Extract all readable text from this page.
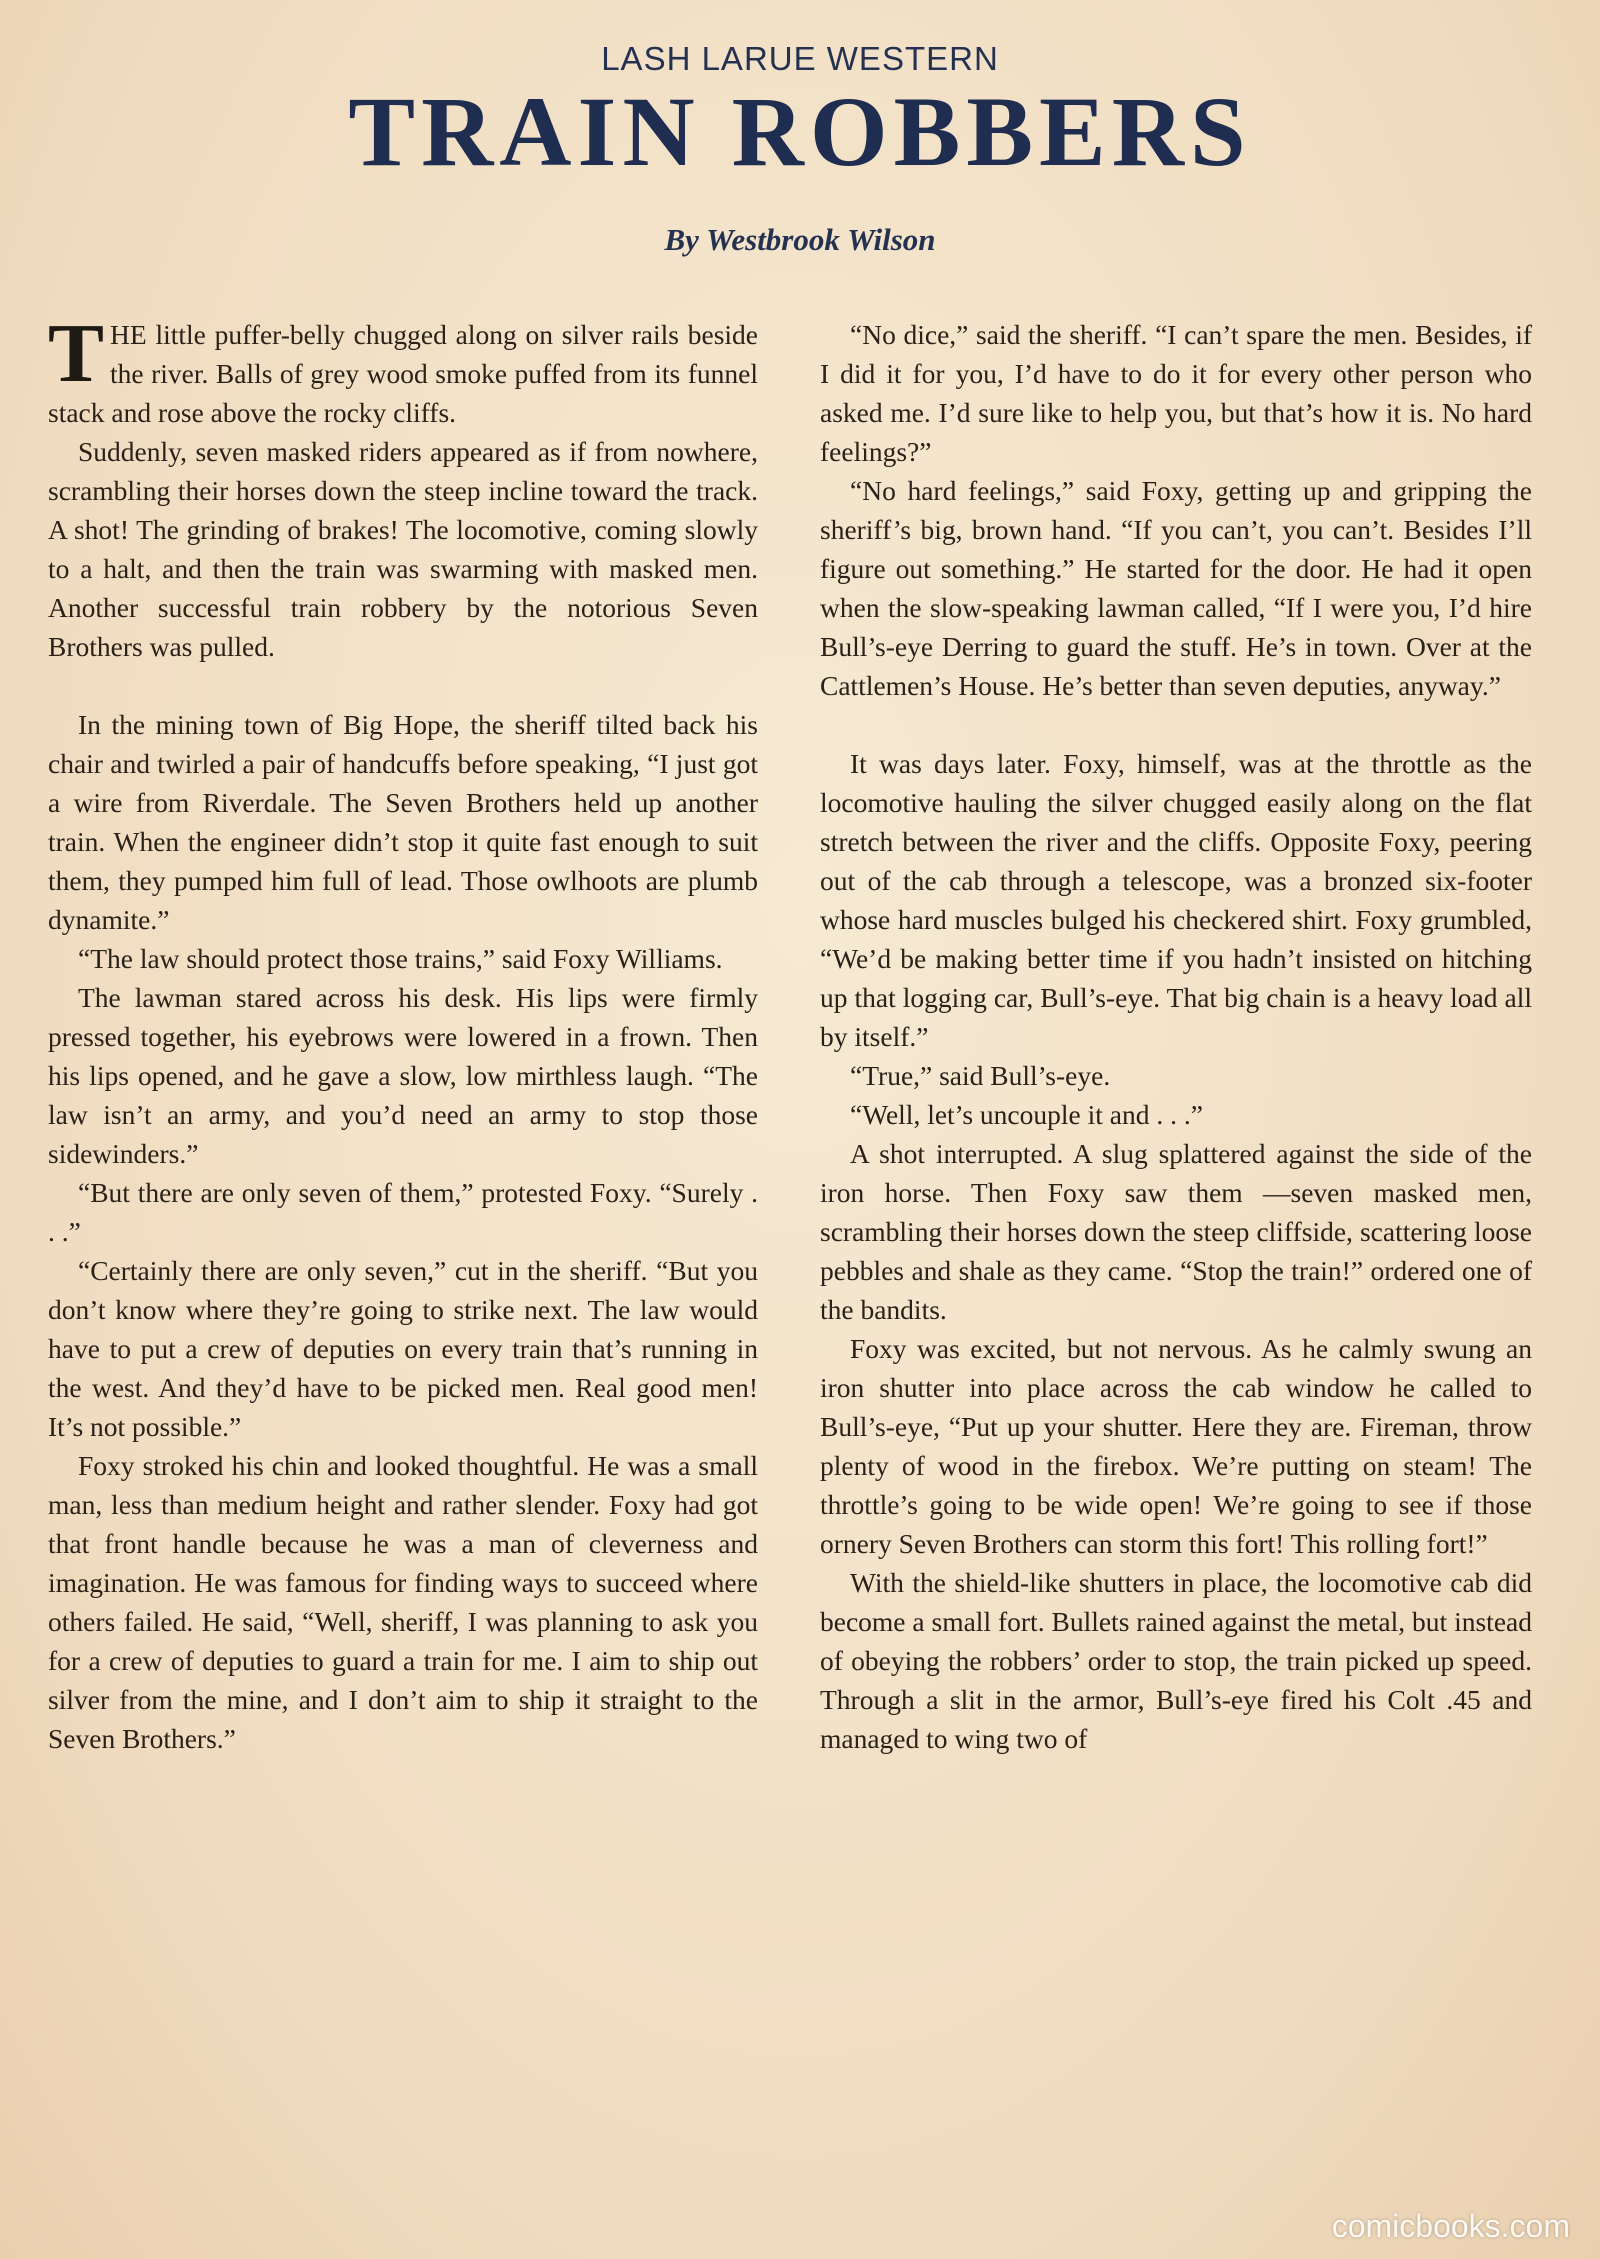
LASH LARUE WESTERN
TRAIN ROBBERS
By Westbrook Wilson

THE little puffer-belly chugged along on silver rails beside the river. Balls of grey wood smoke puffed from its funnel stack and rose above the rocky cliffs.

Suddenly, seven masked riders appeared as if from nowhere, scrambling their horses down the steep incline toward the track. A shot! The grinding of brakes! The locomotive, coming slowly to a halt, and then the train was swarming with masked men. Another successful train robbery by the notorious Seven Brothers was pulled.

In the mining town of Big Hope, the sheriff tilted back his chair and twirled a pair of handcuffs before speaking, “I just got a wire from Riverdale. The Seven Brothers held up another train. When the engineer didn’t stop it quite fast enough to suit them, they pumped him full of lead. Those owlhoots are plumb dynamite.”

“The law should protect those trains,” said Foxy Williams.

The lawman stared across his desk. His lips were firmly pressed together, his eyebrows were lowered in a frown. Then his lips opened, and he gave a slow, low mirthless laugh. “The law isn’t an army, and you’d need an army to stop those sidewinders.”

“But there are only seven of them,” protested Foxy. “Surely . . .”

“Certainly there are only seven,” cut in the sheriff. “But you don’t know where they’re going to strike next. The law would have to put a crew of deputies on every train that’s running in the west. And they’d have to be picked men. Real good men! It’s not possible.”

Foxy stroked his chin and looked thoughtful. He was a small man, less than medium height and rather slender. Foxy had got that front handle because he was a man of cleverness and imagination. He was famous for finding ways to succeed where others failed. He said, “Well, sheriff, I was planning to ask you for a crew of deputies to guard a train for me. I aim to ship out silver from the mine, and I don’t aim to ship it straight to the Seven Brothers.”

“No dice,” said the sheriff. “I can’t spare the men. Besides, if I did it for you, I’d have to do it for every other person who asked me. I’d sure like to help you, but that’s how it is. No hard feelings?”

“No hard feelings,” said Foxy, getting up and gripping the sheriff’s big, brown hand. “If you can’t, you can’t. Besides I’ll figure out something.” He started for the door. He had it open when the slow-speaking lawman called, “If I were you, I’d hire Bull’s-eye Derring to guard the stuff. He’s in town. Over at the Cattlemen’s House. He’s better than seven deputies, anyway.”

It was days later. Foxy, himself, was at the throttle as the locomotive hauling the silver chugged easily along on the flat stretch between the river and the cliffs. Opposite Foxy, peering out of the cab through a telescope, was a bronzed six-footer whose hard muscles bulged his checkered shirt. Foxy grumbled, “We’d be making better time if you hadn’t insisted on hitching up that logging car, Bull’s-eye. That big chain is a heavy load all by itself.”

“True,” said Bull’s-eye.

“Well, let’s uncouple it and . . .”

A shot interrupted. A slug splattered against the side of the iron horse. Then Foxy saw them —seven masked men, scrambling their horses down the steep cliffside, scattering loose pebbles and shale as they came. “Stop the train!” ordered one of the bandits.

Foxy was excited, but not nervous. As he calmly swung an iron shutter into place across the cab window he called to Bull’s-eye, “Put up your shutter. Here they are. Fireman, throw plenty of wood in the firebox. We’re putting on steam! The throttle’s going to be wide open! We’re going to see if those ornery Seven Brothers can storm this fort! This rolling fort!”

With the shield-like shutters in place, the locomotive cab did become a small fort. Bullets rained against the metal, but instead of obeying the robbers’ order to stop, the train picked up speed. Through a slit in the armor, Bull’s-eye fired his Colt .45 and managed to wing two of

comicbooks.com
